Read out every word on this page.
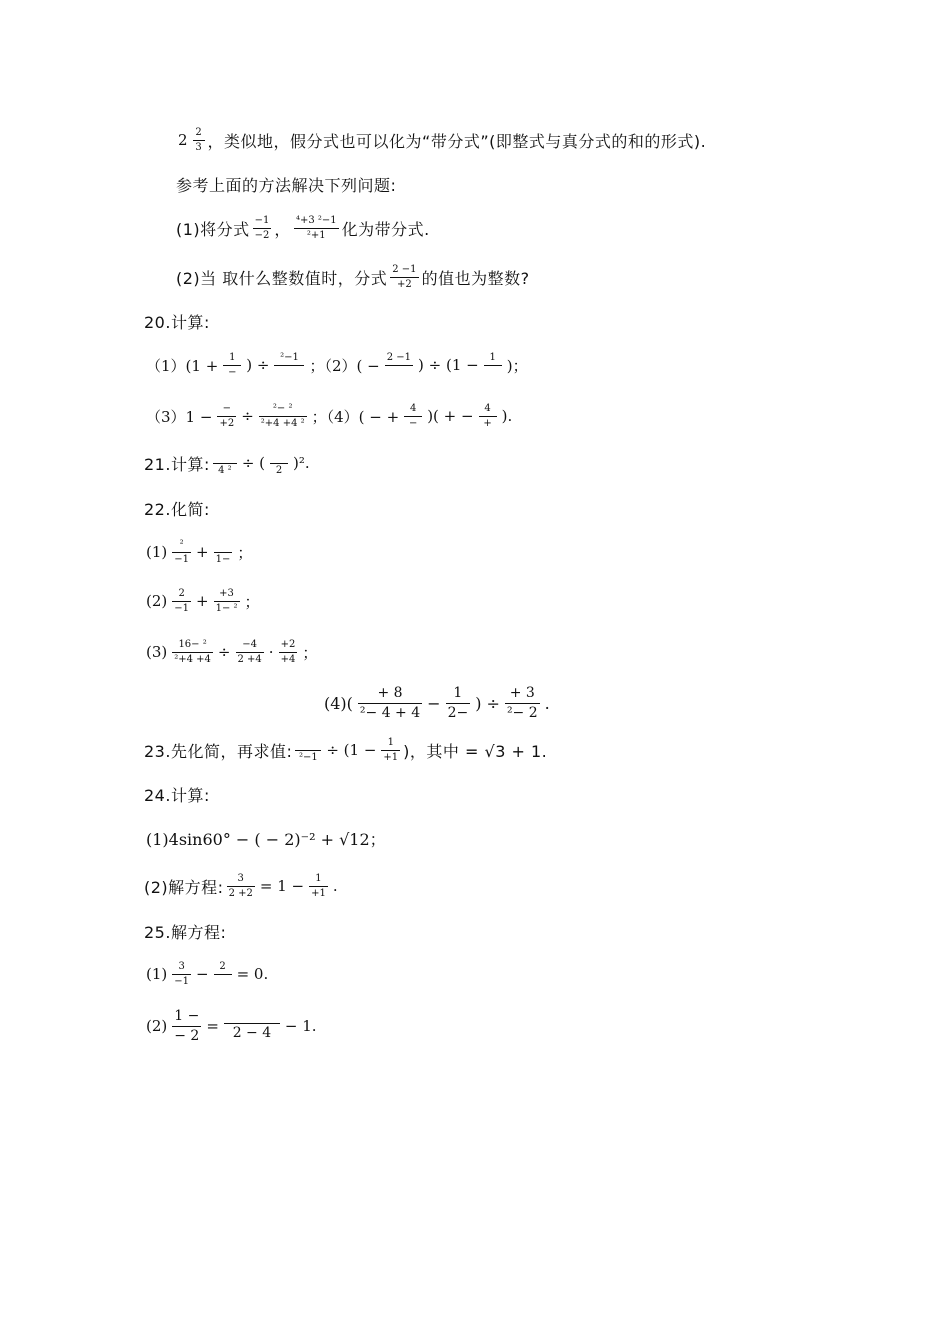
$2 \frac{2}{3}$ ，类似地，假分式也可以化为“带分式”(即整式与真分式的和的形式).
参考上面的方法解决下列问题:
(1)将分式 $\frac{-1}{-2}$ ， $\frac{\text{⁴+3 ²−1}}{\text{²+1}}$ 化为带分式.
(2)当 取什么整数值时，分式 $\frac{2 -1}{+2}$ 的值也为整数?
20.计算:
$(1)(1 + \frac{1}{-}$ ) ÷ ²−1 ；（2）( − 2 −1 ) ÷ (1 −	1 )；
$(3)1 - \frac{-}{+2} \div \frac{\text{²− ²}}{\text{²+4 +4 ²}}$ ；（4）( − + $\frac{4}{-}$ )( + − $\frac{4}{+}$ ).
21.计算: 4 ² ÷ (	2 )².
22.化简:
$(1) \frac{\text{²}}{-1} + 1-$ ；
$(2) \frac{2}{-1} + \frac{+3}{\text{1− ²}}$ ；
$(3) \frac{\text{16− ²}}{\text{²+4 +4}} \div \frac{-4}{2 +4} \cdot \frac{+2}{+4}$ ；
$(4)( \frac{+ 8}{\text{²− 4 + 4}} - \frac{1}{2-}$ ) ÷ $\frac{+ 3}{\text{²− 2}}$ .
23.先化简，再求值: $^2-1 \div (1 - \frac{1}{+1}$ )，其中 = √3 + 1.
24.计算:
(1)4sin60° − ( − 2)⁻² + √12；
(2)解方程: $\frac{3}{2 +2} = 1 - \frac{1}{+1}$ .
25.解方程:
$(1) \frac{3}{-1}$ −	2 = 0.
$(2) \frac{1 -}{- 2} = 2 - 4 - 1$.
